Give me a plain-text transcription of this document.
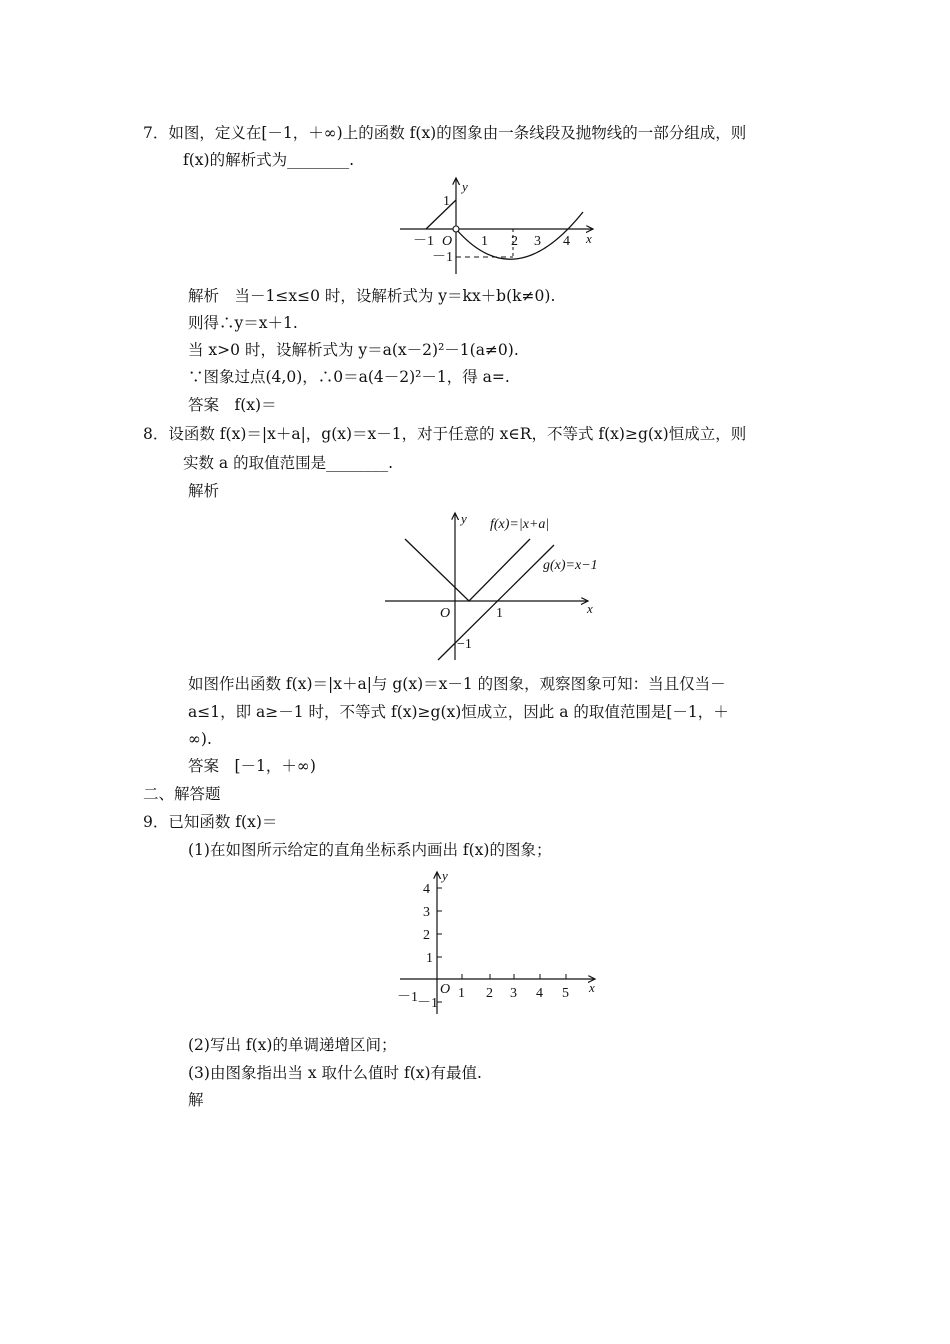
7．如图，定义在[－1，＋∞)上的函数 f(x)的图象由一条线段及抛物线的一部分组成，则
f(x)的解析式为________.
y
1
－1 O 1 2 3 4 x
－1
解析　当－1≤x≤0 时，设解析式为 y＝kx＋b(k≠0).
则得∴y＝x＋1.
当 x>0 时，设解析式为 y＝a(x－2)²－1(a≠0).
∵图象过点(4,0)，∴0＝a(4－2)²－1，得 a=.
答案　f(x)＝
8．设函数 f(x)＝|x＋a|，g(x)＝x－1，对于任意的 x∈R，不等式 f(x)≥g(x)恒成立，则
实数 a 的取值范围是________.
解析
y f(x)=|x+a|
g(x)=x−1
O	1	x
−1
如图作出函数 f(x)＝|x＋a|与 g(x)＝x－1 的图象，观察图象可知：当且仅当－
a≤1，即 a≥－1 时，不等式 f(x)≥g(x)恒成立，因此 a 的取值范围是[－1，＋
∞).
答案　[－1，＋∞)
二、解答题
9．已知函数 f(x)＝
(1)在如图所示给定的直角坐标系内画出 f(x)的图象；
y
4
3
2
1
O
－1 －1
1 2 3 4 5 x
(2)写出 f(x)的单调递增区间；
(3)由图象指出当 x 取什么值时 f(x)有最值.
解
